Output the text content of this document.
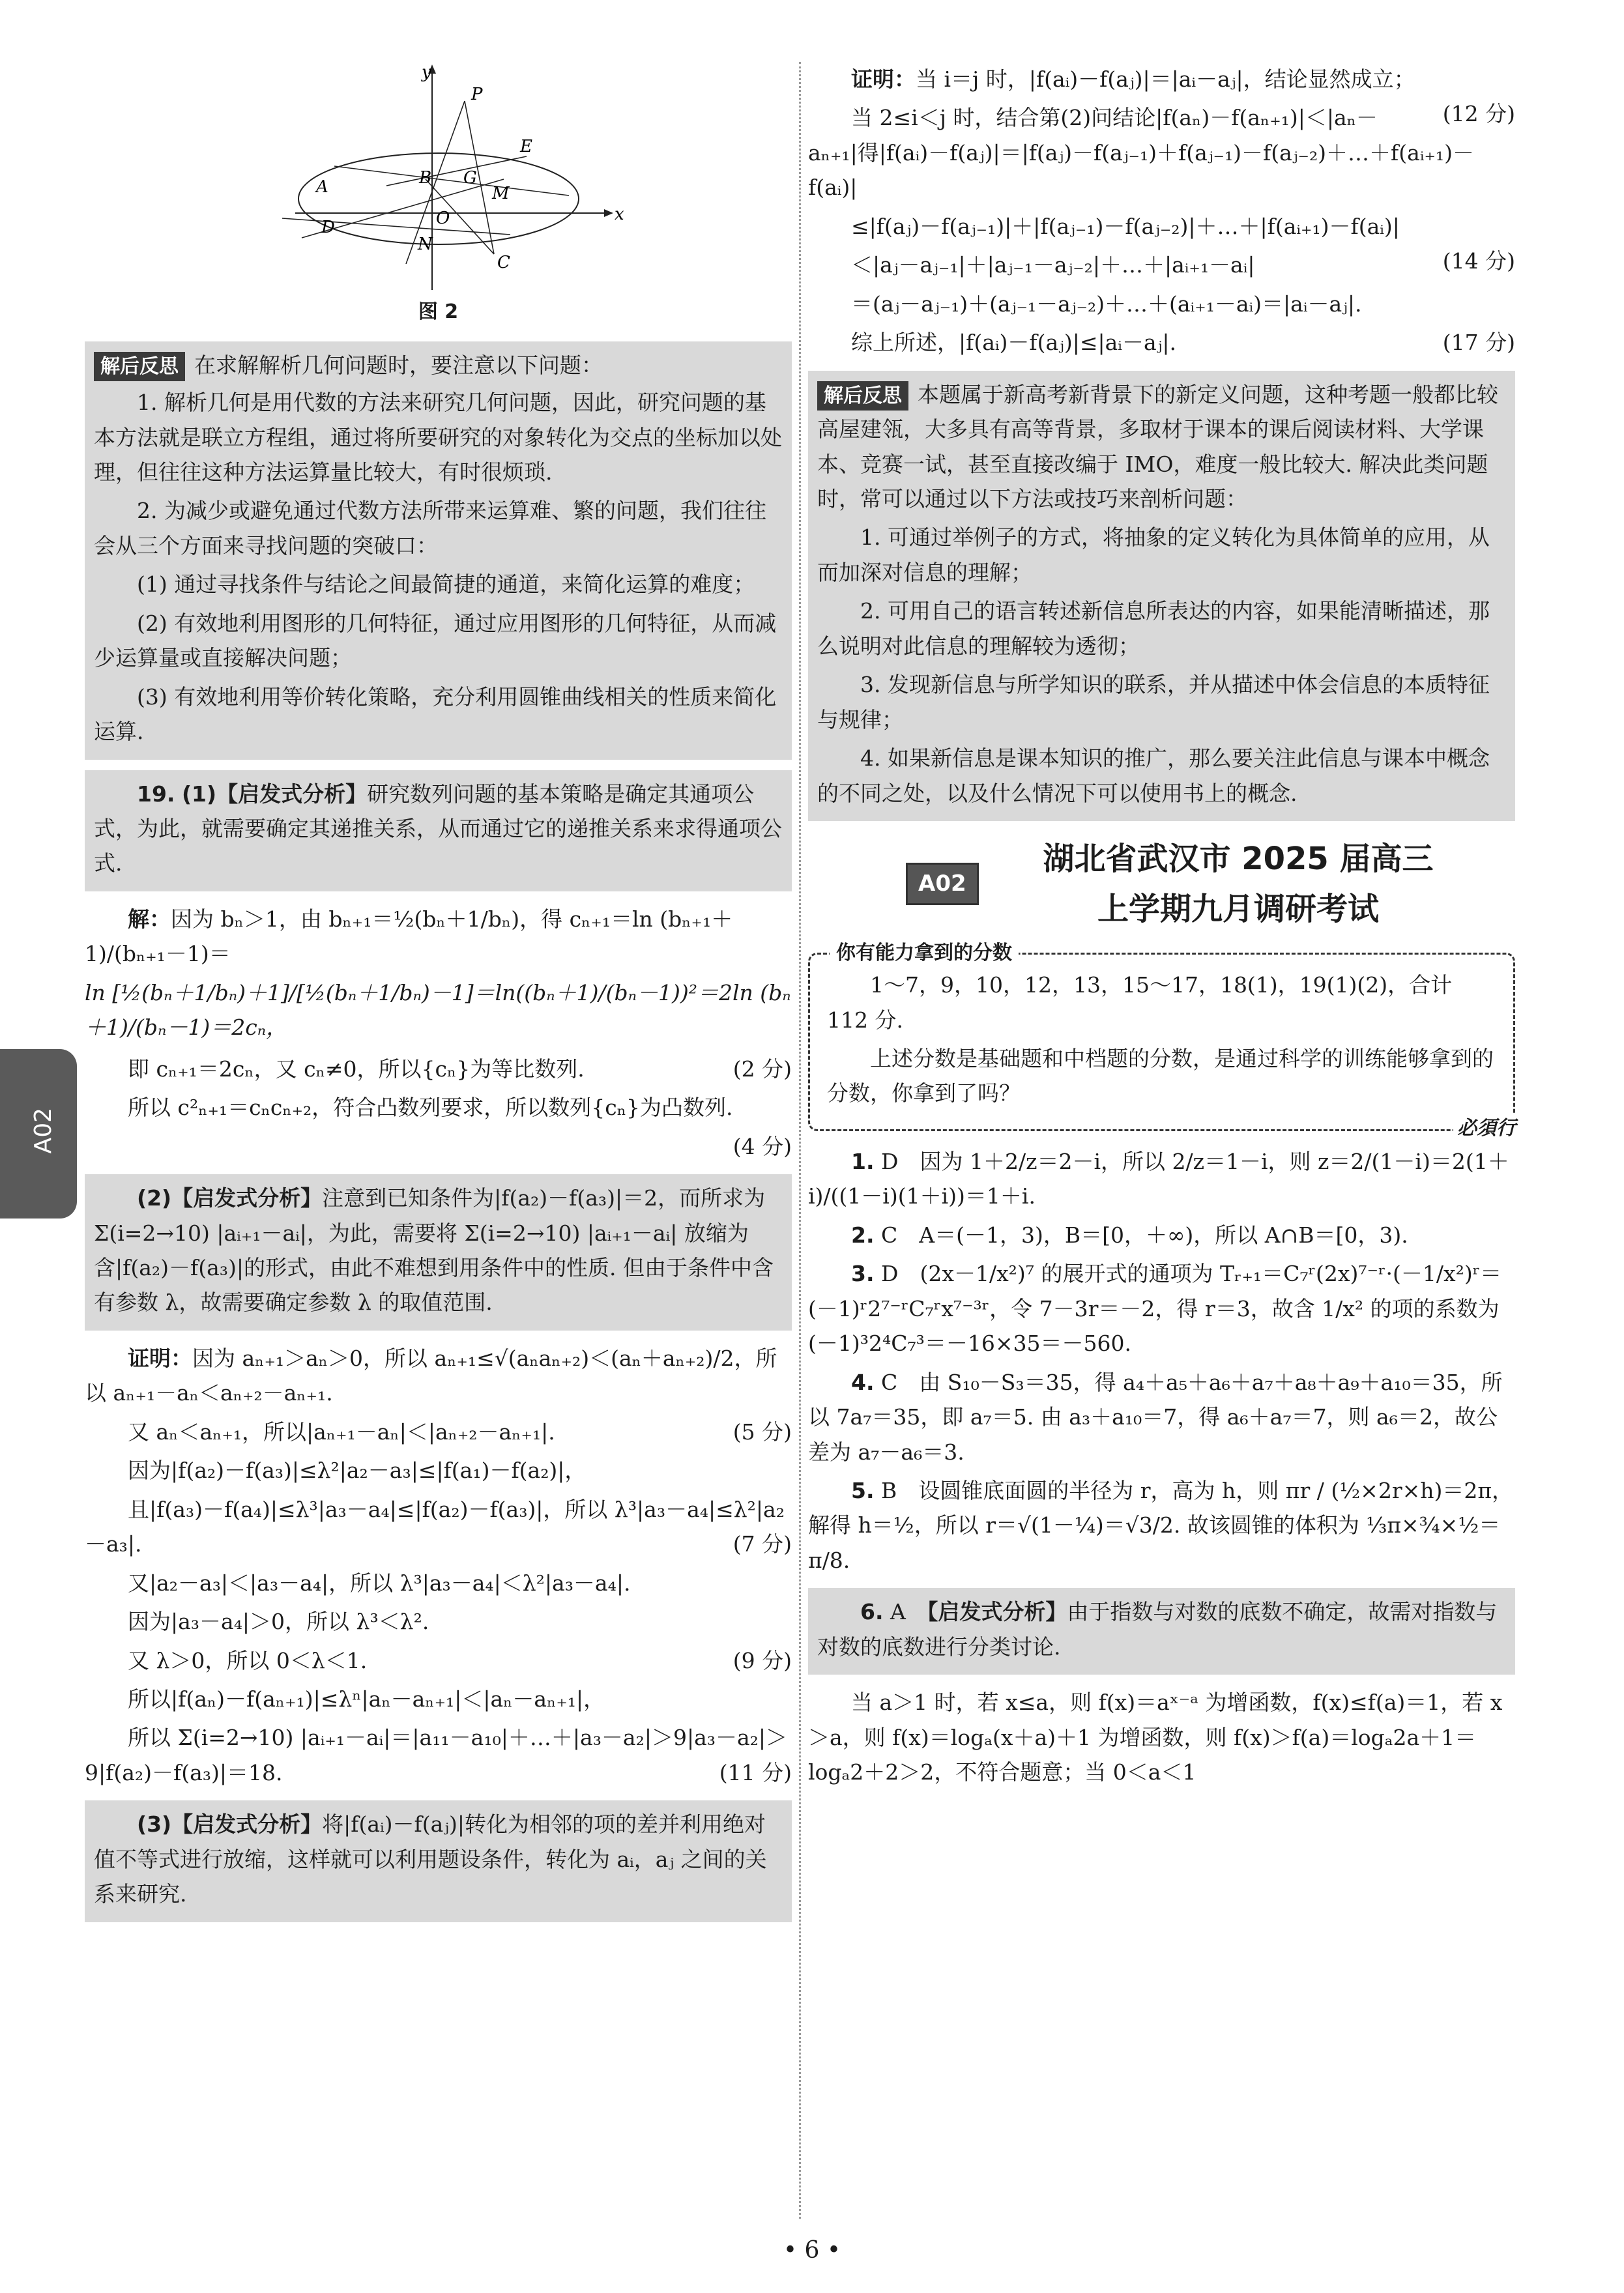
A02
y
P
E
A	B G
M
O	x
D
N
C
图 2
解后反思 在求解解析几何问题时，要注意以下问题：

1. 解析几何是用代数的方法来研究几何问题，因此，研究问题的基本方法就是联立方程组，通过将所要研究的对象转化为交点的坐标加以处理，但往往这种方法运算量比较大，有时很烦琐.

2. 为减少或避免通过代数方法所带来运算难、繁的问题，我们往往会从三个方面来寻找问题的突破口：

(1) 通过寻找条件与结论之间最简捷的通道，来简化运算的难度；

(2) 有效地利用图形的几何特征，通过应用图形的几何特征，从而减少运算量或直接解决问题；

(3) 有效地利用等价转化策略，充分利用圆锥曲线相关的性质来简化运算.

19. (1)【启发式分析】研究数列问题的基本策略是确定其通项公式，为此，就需要确定其递推关系，从而通过它的递推关系来求得通项公式.

解：因为 bₙ＞1，由 bₙ₊₁＝½(bₙ＋1/bₙ)，得 cₙ₊₁＝ln (bₙ₊₁＋1)/(bₙ₊₁－1)＝

ln [½(bₙ＋1/bₙ)＋1]/[½(bₙ＋1/bₙ)－1]＝ln((bₙ＋1)/(bₙ－1))²＝2ln (bₙ＋1)/(bₙ－1)＝2cₙ，

即 cₙ₊₁＝2cₙ，又 cₙ≠0，所以{cₙ}为等比数列.	(2 分)

所以 c²ₙ₊₁＝cₙcₙ₊₂，符合凸数列要求，所以数列{cₙ}为凸数列.

(4 分)

(2)【启发式分析】注意到已知条件为|f(a₂)－f(a₃)|＝2，而所求为 Σ(i=2→10) |aᵢ₊₁－aᵢ|，为此，需要将 Σ(i=2→10) |aᵢ₊₁－aᵢ| 放缩为含|f(a₂)－f(a₃)|的形式，由此不难想到用条件中的性质. 但由于条件中含有参数 λ，故需要确定参数 λ 的取值范围.

证明：因为 aₙ₊₁＞aₙ＞0，所以 aₙ₊₁≤√(aₙaₙ₊₂)＜(aₙ＋aₙ₊₂)/2，所以 aₙ₊₁－aₙ＜aₙ₊₂－aₙ₊₁.

又 aₙ＜aₙ₊₁，所以|aₙ₊₁－aₙ|＜|aₙ₊₂－aₙ₊₁|.	(5 分)

因为|f(a₂)－f(a₃)|≤λ²|a₂－a₃|≤|f(a₁)－f(a₂)|，

且|f(a₃)－f(a₄)|≤λ³|a₃－a₄|≤|f(a₂)－f(a₃)|，所以 λ³|a₃－a₄|≤λ²|a₂－a₃|.	(7 分)

又|a₂－a₃|＜|a₃－a₄|，所以 λ³|a₃－a₄|＜λ²|a₃－a₄|.

因为|a₃－a₄|＞0，所以 λ³＜λ².

又 λ＞0，所以 0＜λ＜1.	(9 分)

所以|f(aₙ)－f(aₙ₊₁)|≤λⁿ|aₙ－aₙ₊₁|＜|aₙ－aₙ₊₁|，

所以 Σ(i=2→10) |aᵢ₊₁－aᵢ|＝|a₁₁－a₁₀|＋…＋|a₃－a₂|＞9|a₃－a₂|＞9|f(a₂)－f(a₃)|＝18.	(11 分)

(3)【启发式分析】将|f(aᵢ)－f(aⱼ)|转化为相邻的项的差并利用绝对值不等式进行放缩，这样就可以利用题设条件，转化为 aᵢ，aⱼ 之间的关系来研究.

证明：当 i＝j 时，|f(aᵢ)－f(aⱼ)|＝|aᵢ－aⱼ|，结论显然成立；
(12 分)

当 2≤i＜j 时，结合第(2)问结论|f(aₙ)－f(aₙ₊₁)|＜|aₙ－aₙ₊₁|得|f(aᵢ)－f(aⱼ)|＝|f(aⱼ)－f(aⱼ₋₁)＋f(aⱼ₋₁)－f(aⱼ₋₂)＋…＋f(aᵢ₊₁)－f(aᵢ)|

≤|f(aⱼ)－f(aⱼ₋₁)|＋|f(aⱼ₋₁)－f(aⱼ₋₂)|＋…＋|f(aᵢ₊₁)－f(aᵢ)|
(14 分)

＜|aⱼ－aⱼ₋₁|＋|aⱼ₋₁－aⱼ₋₂|＋…＋|aᵢ₊₁－aᵢ|

＝(aⱼ－aⱼ₋₁)＋(aⱼ₋₁－aⱼ₋₂)＋…＋(aᵢ₊₁－aᵢ)＝|aᵢ－aⱼ|.

综上所述，|f(aᵢ)－f(aⱼ)|≤|aᵢ－aⱼ|.	(17 分)

解后反思 本题属于新高考新背景下的新定义问题，这种考题一般都比较高屋建瓴，大多具有高等背景，多取材于课本的课后阅读材料、大学课本、竞赛一试，甚至直接改编于 IMO，难度一般比较大. 解决此类问题时，常可以通过以下方法或技巧来剖析问题：

1. 可通过举例子的方式，将抽象的定义转化为具体简单的应用，从而加深对信息的理解；

2. 可用自己的语言转述新信息所表达的内容，如果能清晰描述，那么说明对此信息的理解较为透彻；

3. 发现新信息与所学知识的联系，并从描述中体会信息的本质特征与规律；

4. 如果新信息是课本知识的推广，那么要关注此信息与课本中概念的不同之处，以及什么情况下可以使用书上的概念.

A02
湖北省武汉市 2025 届高三
上学期九月调研考试
你有能力拿到的分数

1～7，9，10，12，13，15～17，18(1)，19(1)(2)，合计 112 分.

上述分数是基础题和中档题的分数，是通过科学的训练能够拿到的分数，你拿到了吗？

必須行

1. D　 因为 1＋2/z＝2－i，所以 2/z＝1－i，则 z＝2/(1－i)＝2(1＋i)/((1－i)(1＋i))＝1＋i.

2. C　 A＝(－1，3)，B＝[0，＋∞)，所以 A∩B＝[0，3).

3. D　 (2x－1/x²)⁷ 的展开式的通项为 Tᵣ₊₁＝C₇ʳ(2x)⁷⁻ʳ·(－1/x²)ʳ＝(－1)ʳ2⁷⁻ʳC₇ʳx⁷⁻³ʳ，令 7－3r＝－2，得 r＝3，故含 1/x² 的项的系数为(－1)³2⁴C₇³＝－16×35＝－560.

4. C　 由 S₁₀－S₃＝35，得 a₄＋a₅＋a₆＋a₇＋a₈＋a₉＋a₁₀＝35，所以 7a₇＝35，即 a₇＝5. 由 a₃＋a₁₀＝7，得 a₆＋a₇＝7，则 a₆＝2，故公差为 a₇－a₆＝3.

5. B　 设圆锥底面圆的半径为 r，高为 h，则 πr / (½×2r×h)＝2π，解得 h＝½，所以 r＝√(1－¼)＝√3/2. 故该圆锥的体积为 ⅓π×¾×½＝π/8.

6. A　 【启发式分析】由于指数与对数的底数不确定，故需对指数与对数的底数进行分类讨论.

当 a＞1 时，若 x≤a，则 f(x)＝aˣ⁻ᵃ 为增函数，f(x)≤f(a)＝1，若 x＞a，则 f(x)＝logₐ(x＋a)＋1 为增函数，则 f(x)＞f(a)＝logₐ2a＋1＝logₐ2＋2＞2，不符合题意；当 0＜a＜1

• 6 •
